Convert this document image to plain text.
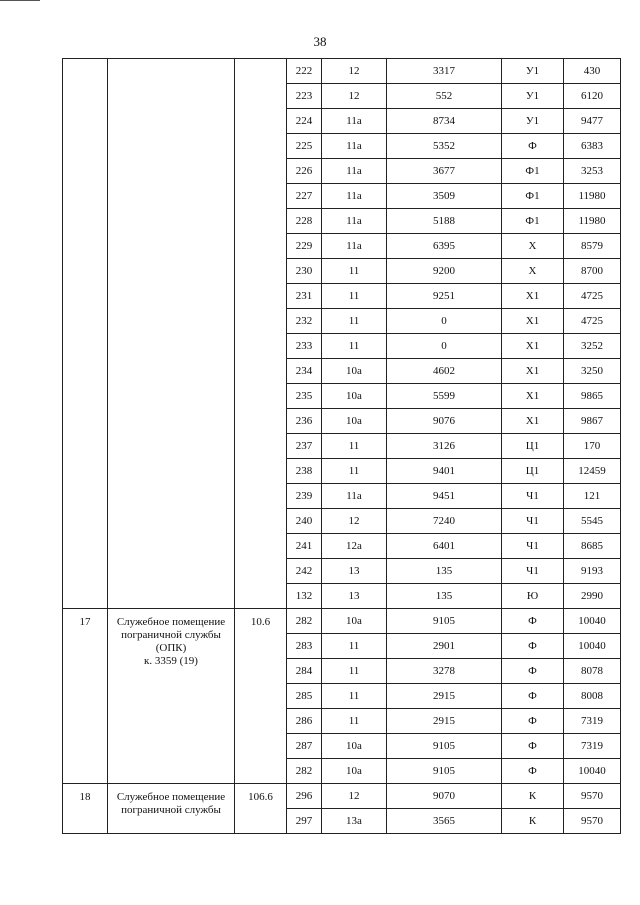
38
			222	12	3317	У1	430
			223	12	552	У1	6120
			224	11а	8734	У1	9477
			225	11а	5352	Ф	6383
			226	11а	3677	Ф1	3253
			227	11а	3509	Ф1	11980
			228	11а	5188	Ф1	11980
			229	11а	6395	Х	8579
			230	11	9200	Х	8700
			231	11	9251	Х1	4725
			232	11	0	Х1	4725
			233	11	0	Х1	3252
			234	10а	4602	Х1	3250
			235	10а	5599	Х1	9865
			236	10а	9076	Х1	9867
			237	11	3126	Ц1	170
			238	11	9401	Ц1	12459
			239	11а	9451	Ч1	121
			240	12	7240	Ч1	5545
			241	12а	6401	Ч1	8685
			242	13	135	Ч1	9193
			132	13	135	Ю	2990
17	Служебное помещение
пограничной службы
(ОПК)
к. 3359 (19)	10.6	282	10а	9105	Ф	10040
			283	11	2901	Ф	10040
			284	11	3278	Ф	8078
			285	11	2915	Ф	8008
			286	11	2915	Ф	7319
			287	10а	9105	Ф	7319
			282	10а	9105	Ф	10040
18	Служебное помещение
пограничной службы	106.6	296	12	9070	К	9570
			297	13а	3565	К	9570
